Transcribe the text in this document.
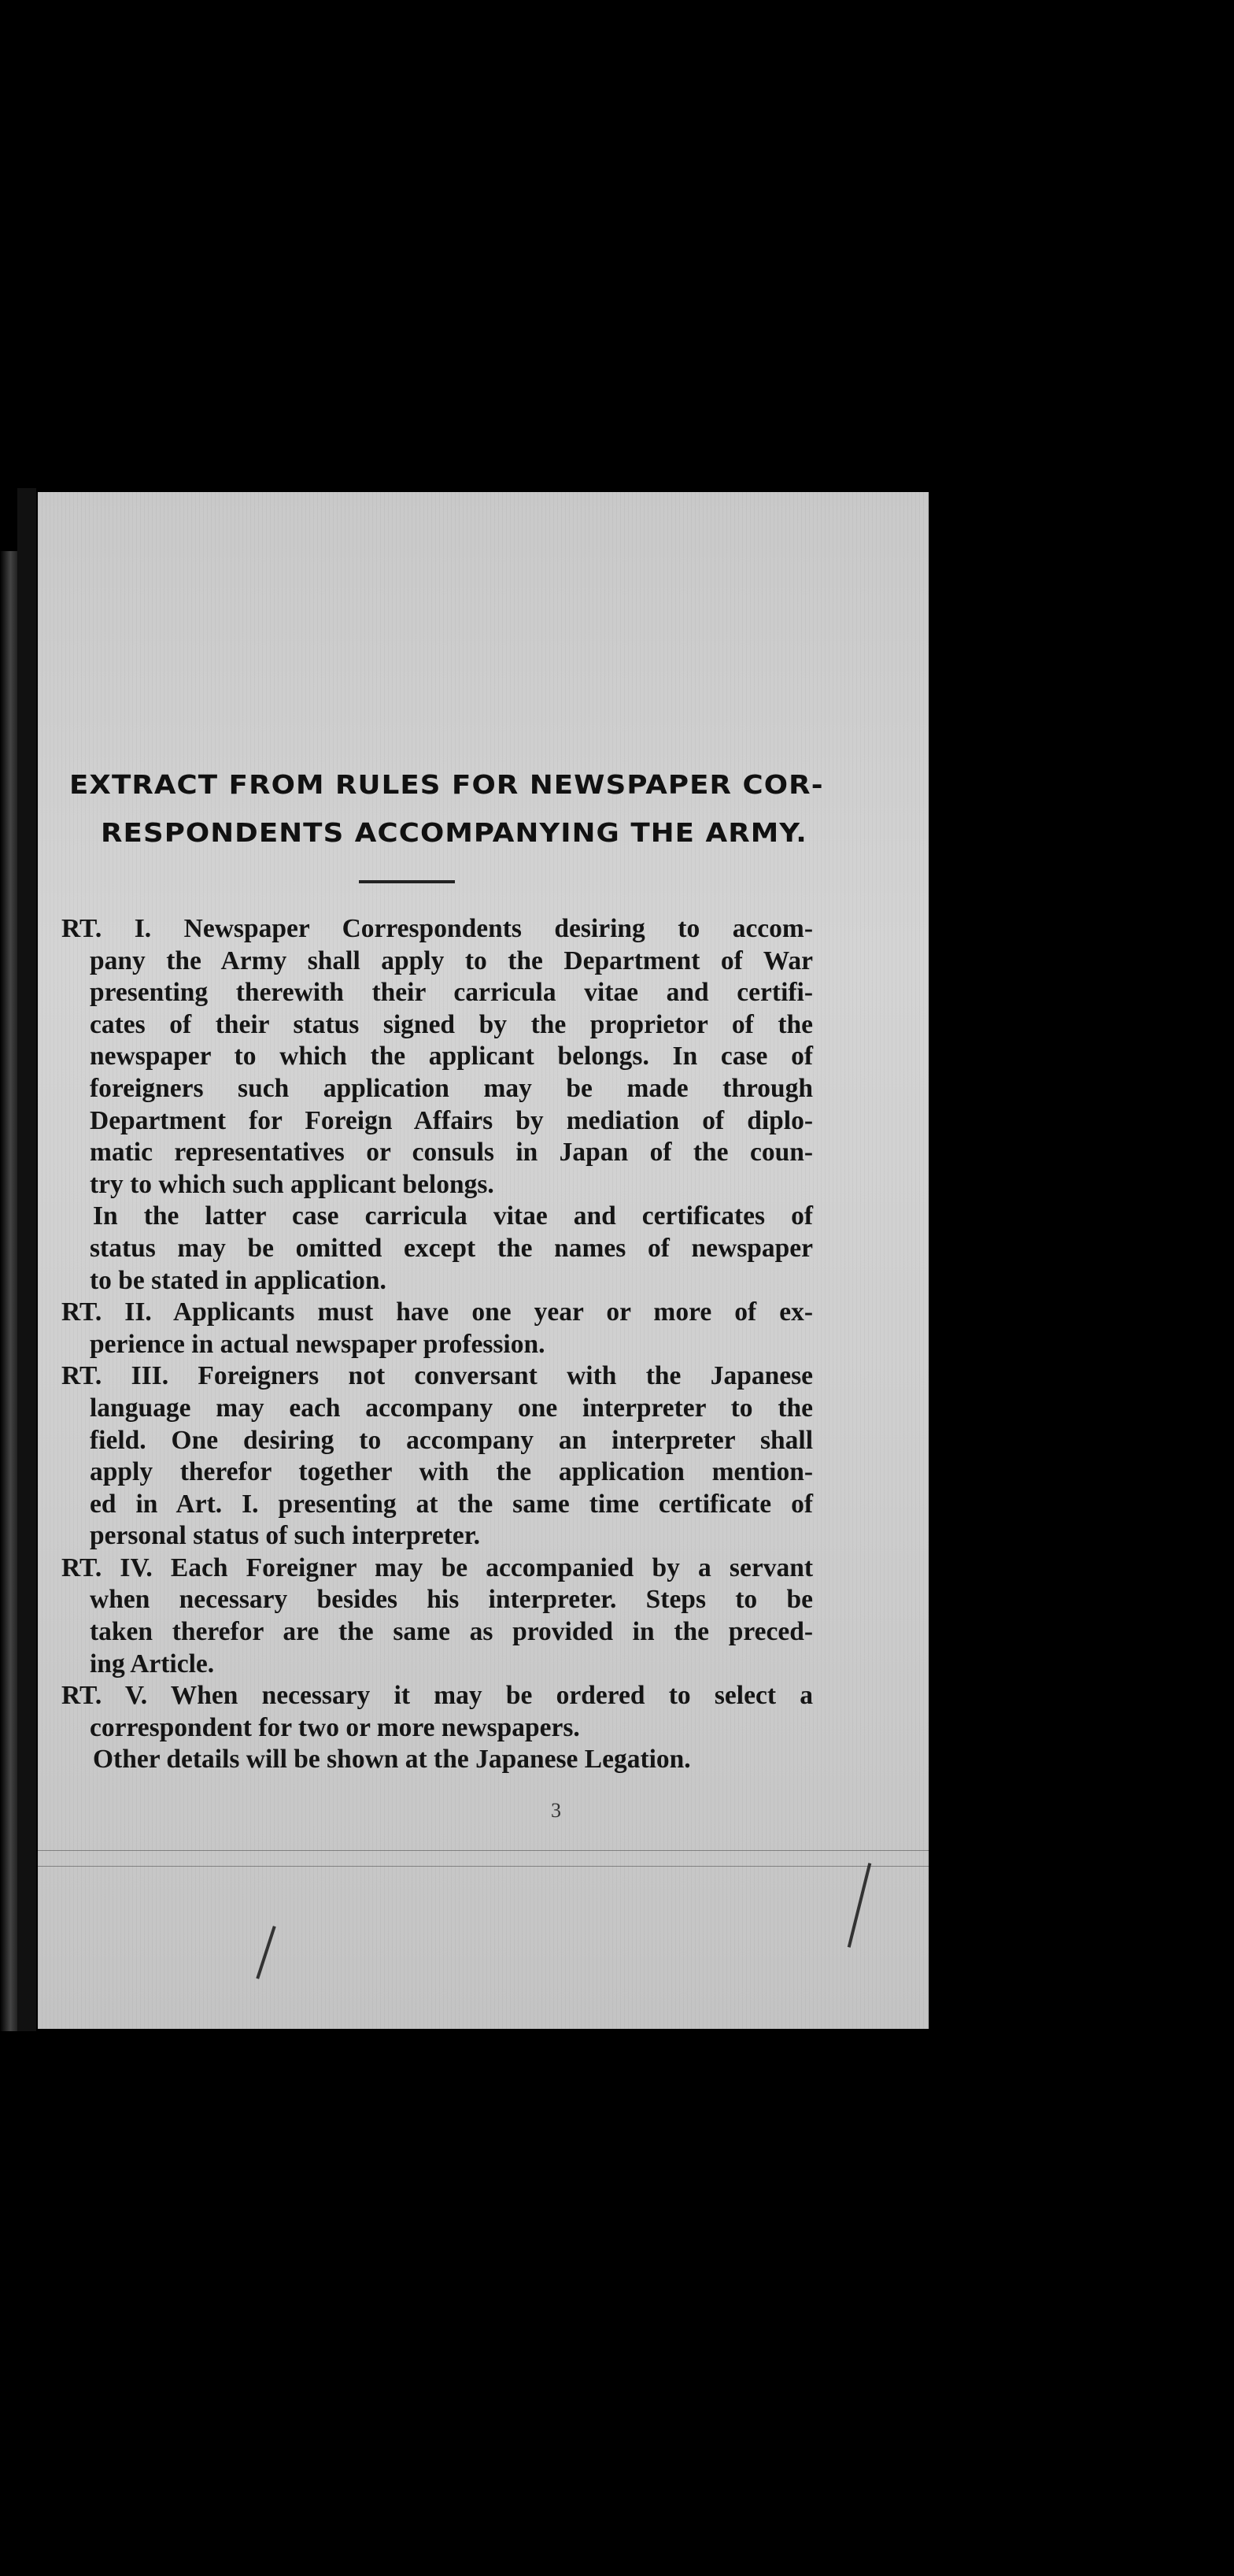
EXTRACT FROM RULES FOR NEWSPAPER COR-
RESPONDENTS ACCOMPANYING THE ARMY.
RT. I. Newspaper Correspondents desiring to accom-
pany the Army shall apply to the Department of War
presenting therewith their carricula vitae and certifi-
cates of their status signed by the proprietor of the
newspaper to which the applicant belongs. In case of
foreigners such application may be made through
Department for Foreign Affairs by mediation of diplo-
matic representatives or consuls in Japan of the coun-
try to which such applicant belongs.
In the latter case carricula vitae and certificates of
status may be omitted except the names of newspaper
to be stated in application.
RT. II. Applicants must have one year or more of ex-
perience in actual newspaper profession.
RT. III. Foreigners not conversant with the Japanese
language may each accompany one interpreter to the
field. One desiring to accompany an interpreter shall
apply therefor together with the application mention-
ed in Art. I. presenting at the same time certificate of
personal status of such interpreter.
RT. IV. Each Foreigner may be accompanied by a servant
when necessary besides his interpreter. Steps to be
taken therefor are the same as provided in the preced-
ing Article.
RT. V. When necessary it may be ordered to select a
correspondent for two or more newspapers.
Other details will be shown at the Japanese Legation.
3
